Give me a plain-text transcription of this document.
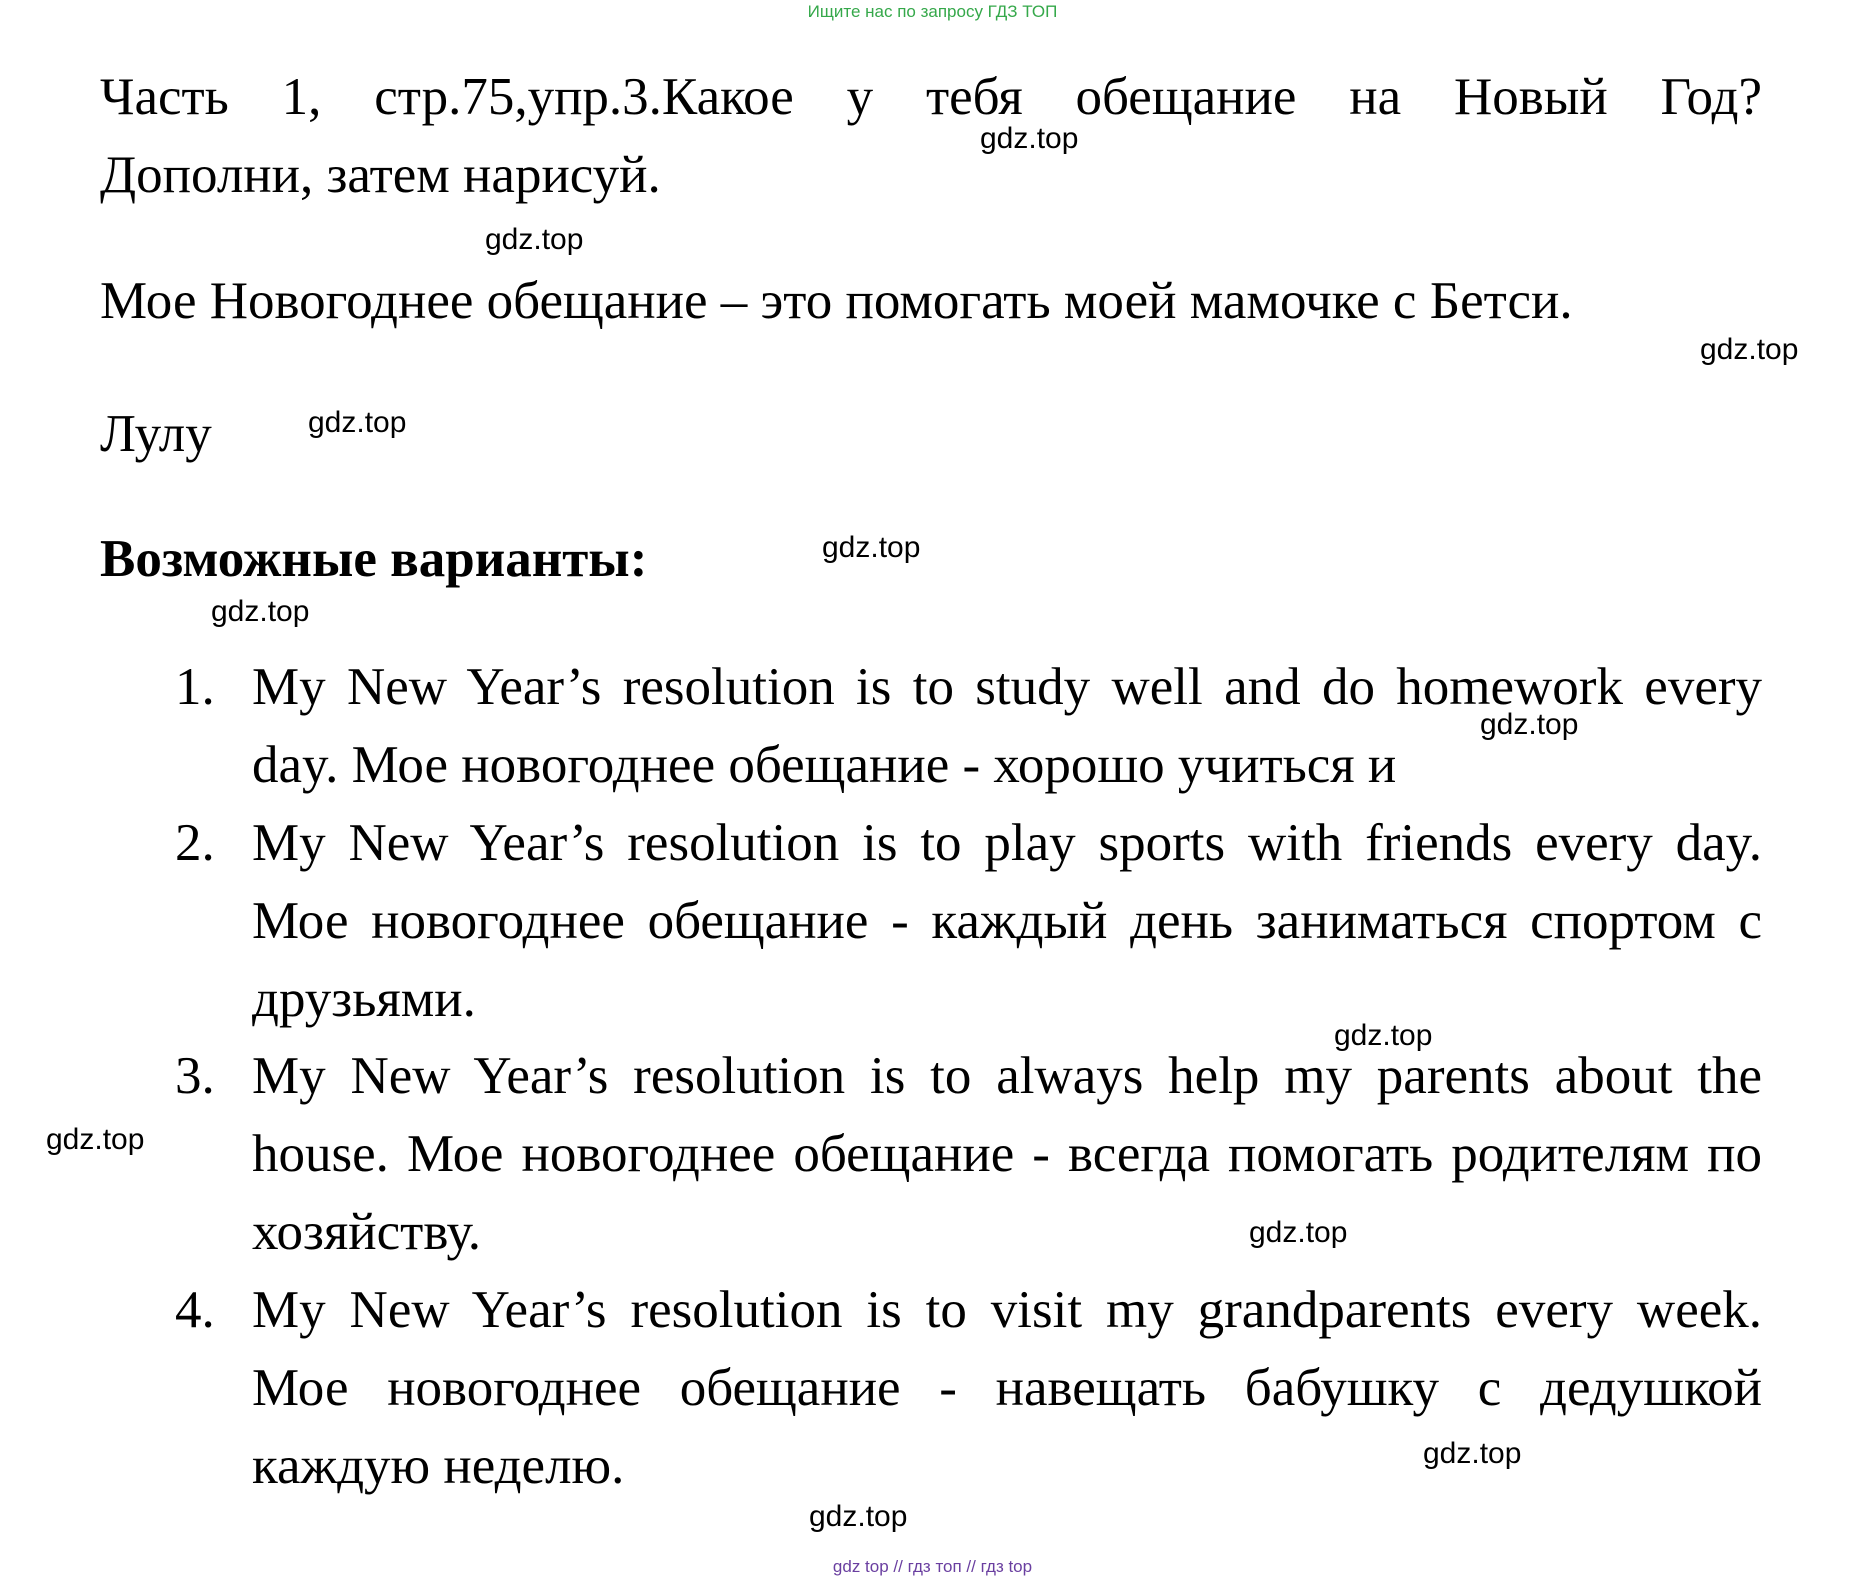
Ищите нас по запросу ГДЗ ТОП
Часть 1, стр.75,упр.3.Какое у тебя обещание на Новый Год?
Дополни, затем нарисуй.
Мое Новогоднее обещание – это помогать моей мамочке с Бетси.
Лулу
Возможные варианты:
1. My New Year’s resolution is to study well and do homework every day. Мое новогоднее обещание - хорошо учиться и
2. My New Year’s resolution is to play sports with friends every day. Мое новогоднее обещание - каждый день заниматься спортом с друзьями.
3. My New Year’s resolution is to always help my parents about the house. Мое новогоднее обещание - всегда помогать родителям по хозяйству.
4. My New Year’s resolution is to visit my grandparents every week. Мое новогоднее обещание - навещать бабушку с дедушкой каждую неделю.
gdz.top
gdz.top
gdz.top
gdz.top
gdz.top
gdz.top
gdz.top
gdz.top
gdz.top
gdz.top
gdz.top
gdz.top
gdz top // гдз топ // гдз top
